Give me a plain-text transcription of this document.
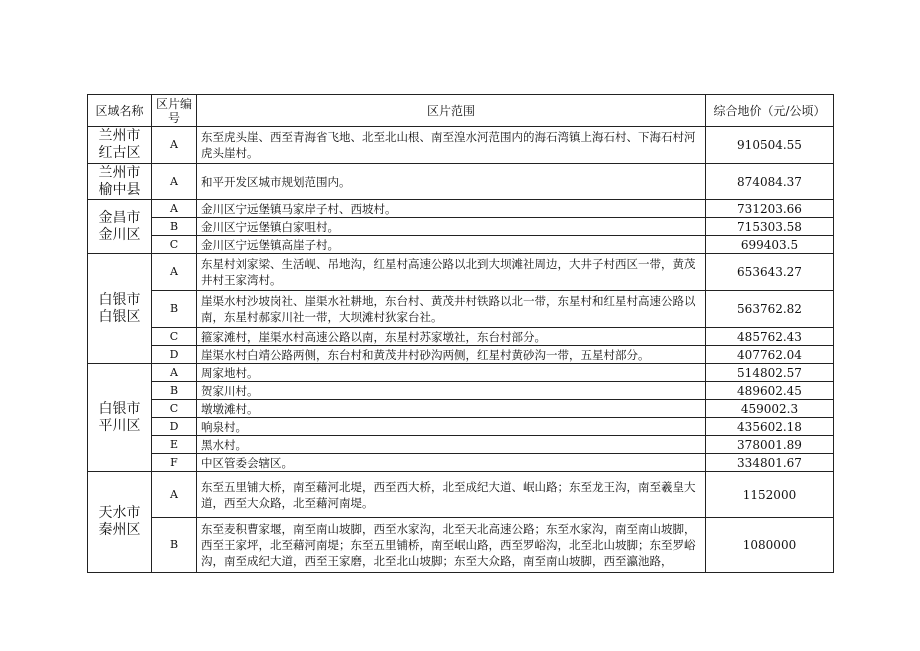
区域名称	区片编号	区片范围	综合地价（元/公顷）
兰州市红古区	A	东至虎头崖、西至青海省飞地、北至北山根、南至湟水河范围内的海石湾镇上海石村、下海石村河虎头崖村。	910504.55
兰州市榆中县	A	和平开发区城市规划范围内。	874084.37
金昌市金川区	A	金川区宁远堡镇马家岸子村、西坡村。	731203.66
	B	金川区宁远堡镇白家咀村。	715303.58
	C	金川区宁远堡镇高崖子村。	699403.5
白银市白银区	A	东星村刘家梁、生活岘、吊地沟，红星村高速公路以北到大坝滩社周边，大井子村西区一带，黄茂井村王家湾村。	653643.27
	B	崖渠水村沙坡岗社、崖渠水社耕地，东台村、黄茂井村铁路以北一带，东星村和红星村高速公路以南，东星村郝家川社一带，大坝滩村狄家台社。	563762.82
	C	箍家滩村，崖渠水村高速公路以南，东星村苏家墩社，东台村部分。	485762.43
	D	崖渠水村白靖公路两侧，东台村和黄茂井村砂沟两侧，红星村黄砂沟一带，五星村部分。	407762.04
白银市平川区	A	周家地村。	514802.57
	B	贺家川村。	489602.45
	C	墩墩滩村。	459002.3
	D	响泉村。	435602.18
	E	黑水村。	378001.89
	F	中区管委会辖区。	334801.67
天水市秦州区	A	东至五里铺大桥，南至藉河北堤，西至西大桥，北至成纪大道、岷山路；东至龙王沟，南至羲皇大道，西至大众路，北至藉河南堤。	1152000
	B	东至麦积曹家堰，南至南山坡脚，西至水家沟，北至天北高速公路；东至水家沟，南至南山坡脚，西至王家坪，北至藉河南堤；东至五里铺桥，南至岷山路，西至罗峪沟，北至北山坡脚；东至罗峪沟，南至成纪大道，西至王家磨，北至北山坡脚；东至大众路，南至南山坡脚，西至瀛池路，	1080000
